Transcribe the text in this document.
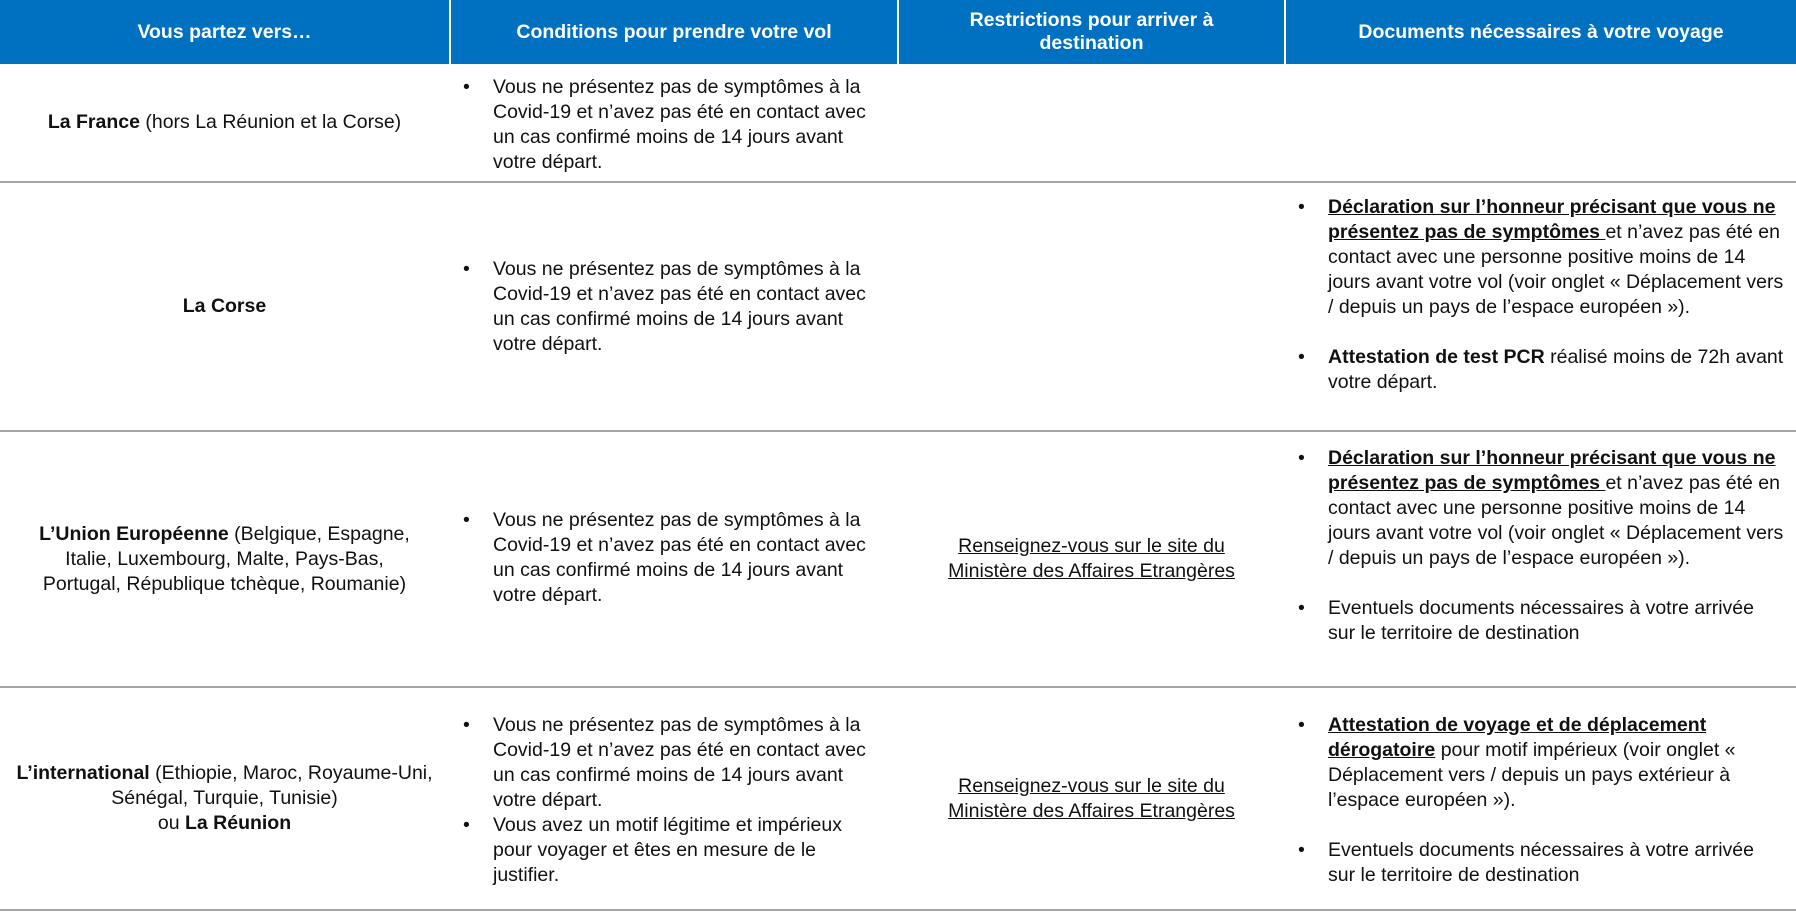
Vous partez vers…	Conditions pour prendre votre vol
Restrictions pour arriver à destination
Documents nécessaires à votre voyage
La France (hors La Réunion et la Corse)
• Vous ne présentez pas de symptômes à la Covid-19 et n’avez pas été en contact avec un cas confirmé moins de 14 jours avant votre départ.
La Corse
• Vous ne présentez pas de symptômes à la Covid-19 et n’avez pas été en contact avec un cas confirmé moins de 14 jours avant votre départ.
• Déclaration sur l’honneur précisant que vous ne présentez pas de symptômes et n’avez pas été en contact avec une personne positive moins de 14 jours avant votre vol (voir onglet « Déplacement vers / depuis un pays de l’espace européen »).
• Attestation de test PCR réalisé moins de 72h avant votre départ.
L’Union Européenne (Belgique, Espagne, Italie, Luxembourg, Malte, Pays-Bas, Portugal, République tchèque, Roumanie)
• Vous ne présentez pas de symptômes à la Covid-19 et n’avez pas été en contact avec un cas confirmé moins de 14 jours avant votre départ.
Renseignez-vous sur le site du Ministère des Affaires Etrangères
• Déclaration sur l’honneur précisant que vous ne présentez pas de symptômes et n’avez pas été en contact avec une personne positive moins de 14 jours avant votre vol (voir onglet « Déplacement vers / depuis un pays de l’espace européen »).
• Eventuels documents nécessaires à votre arrivée sur le territoire de destination
L’international (Ethiopie, Maroc, Royaume-Uni, Sénégal, Turquie, Tunisie)
ou La Réunion
• Vous ne présentez pas de symptômes à la Covid-19 et n’avez pas été en contact avec un cas confirmé moins de 14 jours avant votre départ.
• Vous avez un motif légitime et impérieux pour voyager et êtes en mesure de le justifier.
Renseignez-vous sur le site du Ministère des Affaires Etrangères
• Attestation de voyage et de déplacement dérogatoire pour motif impérieux (voir onglet « Déplacement vers / depuis un pays extérieur à l’espace européen »).
• Eventuels documents nécessaires à votre arrivée sur le territoire de destination
